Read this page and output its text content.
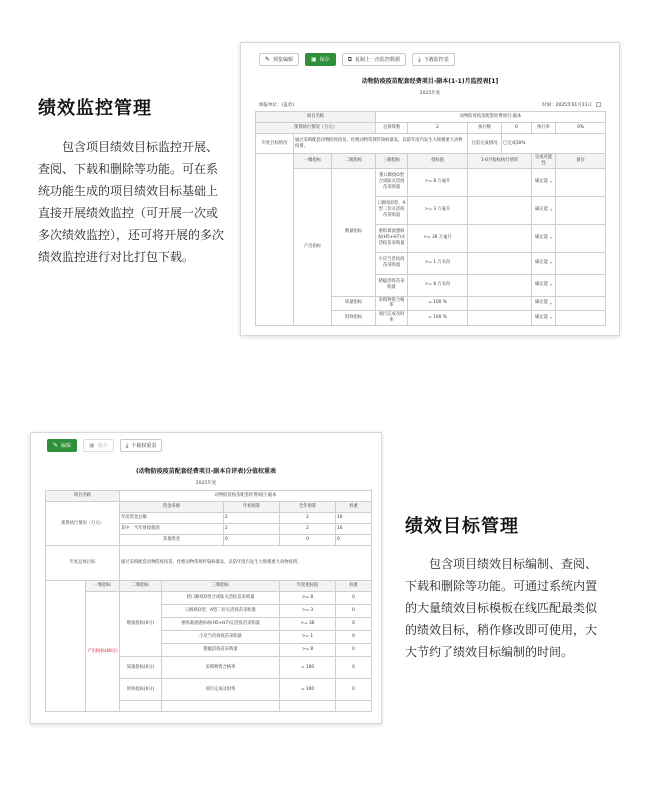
绩效监控管理
包含项目绩效目标监控开展、查阅、下载和删除等功能。可在系统功能生成的项目绩效目标基础上直接开展绩效监控（可开展一次或多次绩效监控），还可将开展的多次绩效监控进行对比打包下载。
✎ 预览编辑	▣ 保存	⧉ 复制上一次监控数据	⤓ 下载监控表
动物防疫疫苗配套经费项目-副本(1-1)月监控表[1]
2025年度
填报单位：(盖章)	时间：2025年01月11日
项目名称			动物防疫疫苗配套经费项目-副本					
预算执行情况（万元）			总预算数	2	执行数	0	执行率	0%
年度目标情况	通过采购配套动物防疫疫苗，杜绝动物常规传染病暴发，以防年度内发生大规模重大动物疫情。				目前完成情况	已完成30%		
	一级指标	二级指标	三级指标	指标值	1-0月指标执行情况		完成可能性	备注
	产出指标	数量指标	猪口蹄疫O型合成肽灭活疫苗采购量	>= 8 万毫升			确定能 ▾	

			口蹄疫O型、A型二价灭活疫苗采购量	>= 3 万毫升			确定能 ▾	

			重组禽流感病毒(H5+H7)灭活疫苗采购量	>= 36 万毫升			确定能 ▾	

			小反刍兽疫疫苗采购量	>= 1 万头份			确定能 ▾	

			猪瘟活疫苗采购量	>= 8 万头份			确定能 ▾	

		质量指标	采购物资合格率	= 100 %			确定能 ▾	

		时效指标	项目完成及时率	= 100 %			确定能 ▾	

✎ 编辑	▣ 保存	⤓ 下载权重表
(动物防疫疫苗配套经费项目-副本自评表)分值权重表
2025年度
项目名称		动物防疫疫苗配套经费项目-副本				
预算执行情况（万元）		资金来源		年初预算	全年预算	权重
		年度资金总额		2	2	10
		其中：当年财政拨款		2	2	10
		其他资金		0	0	0
年度总体目标		通过采购配套动物防疫疫苗，杜绝动物常规传染病暴发，以防年度内发生大规模重大动物疫情。				
	一级指标	二级指标	三级指标		年度指标值	权重
	产出指标(40分)	数量指标(0分)	猪口蹄疫O型合成肽灭活疫苗采购量		>= 8	0
			口蹄疫O型、A型二价灭活疫苗采购量		>= 3	0
			重组禽流感病毒(H5+H7)灭活疫苗采购量		>= 36	0
			小反刍兽疫疫苗采购量		>= 1	0
			猪瘟活疫苗采购量		>= 8	0
		质量指标(0分)	采购物资合格率		= 100	0
		时效指标(0分)	项目完成及时率		= 100	0

绩效目标管理
包含项目绩效目标编制、查阅、下载和删除等功能。可通过系统内置的大量绩效目标模板在线匹配最类似的绩效目标，稍作修改即可使用，大大节约了绩效目标编制的时间。
